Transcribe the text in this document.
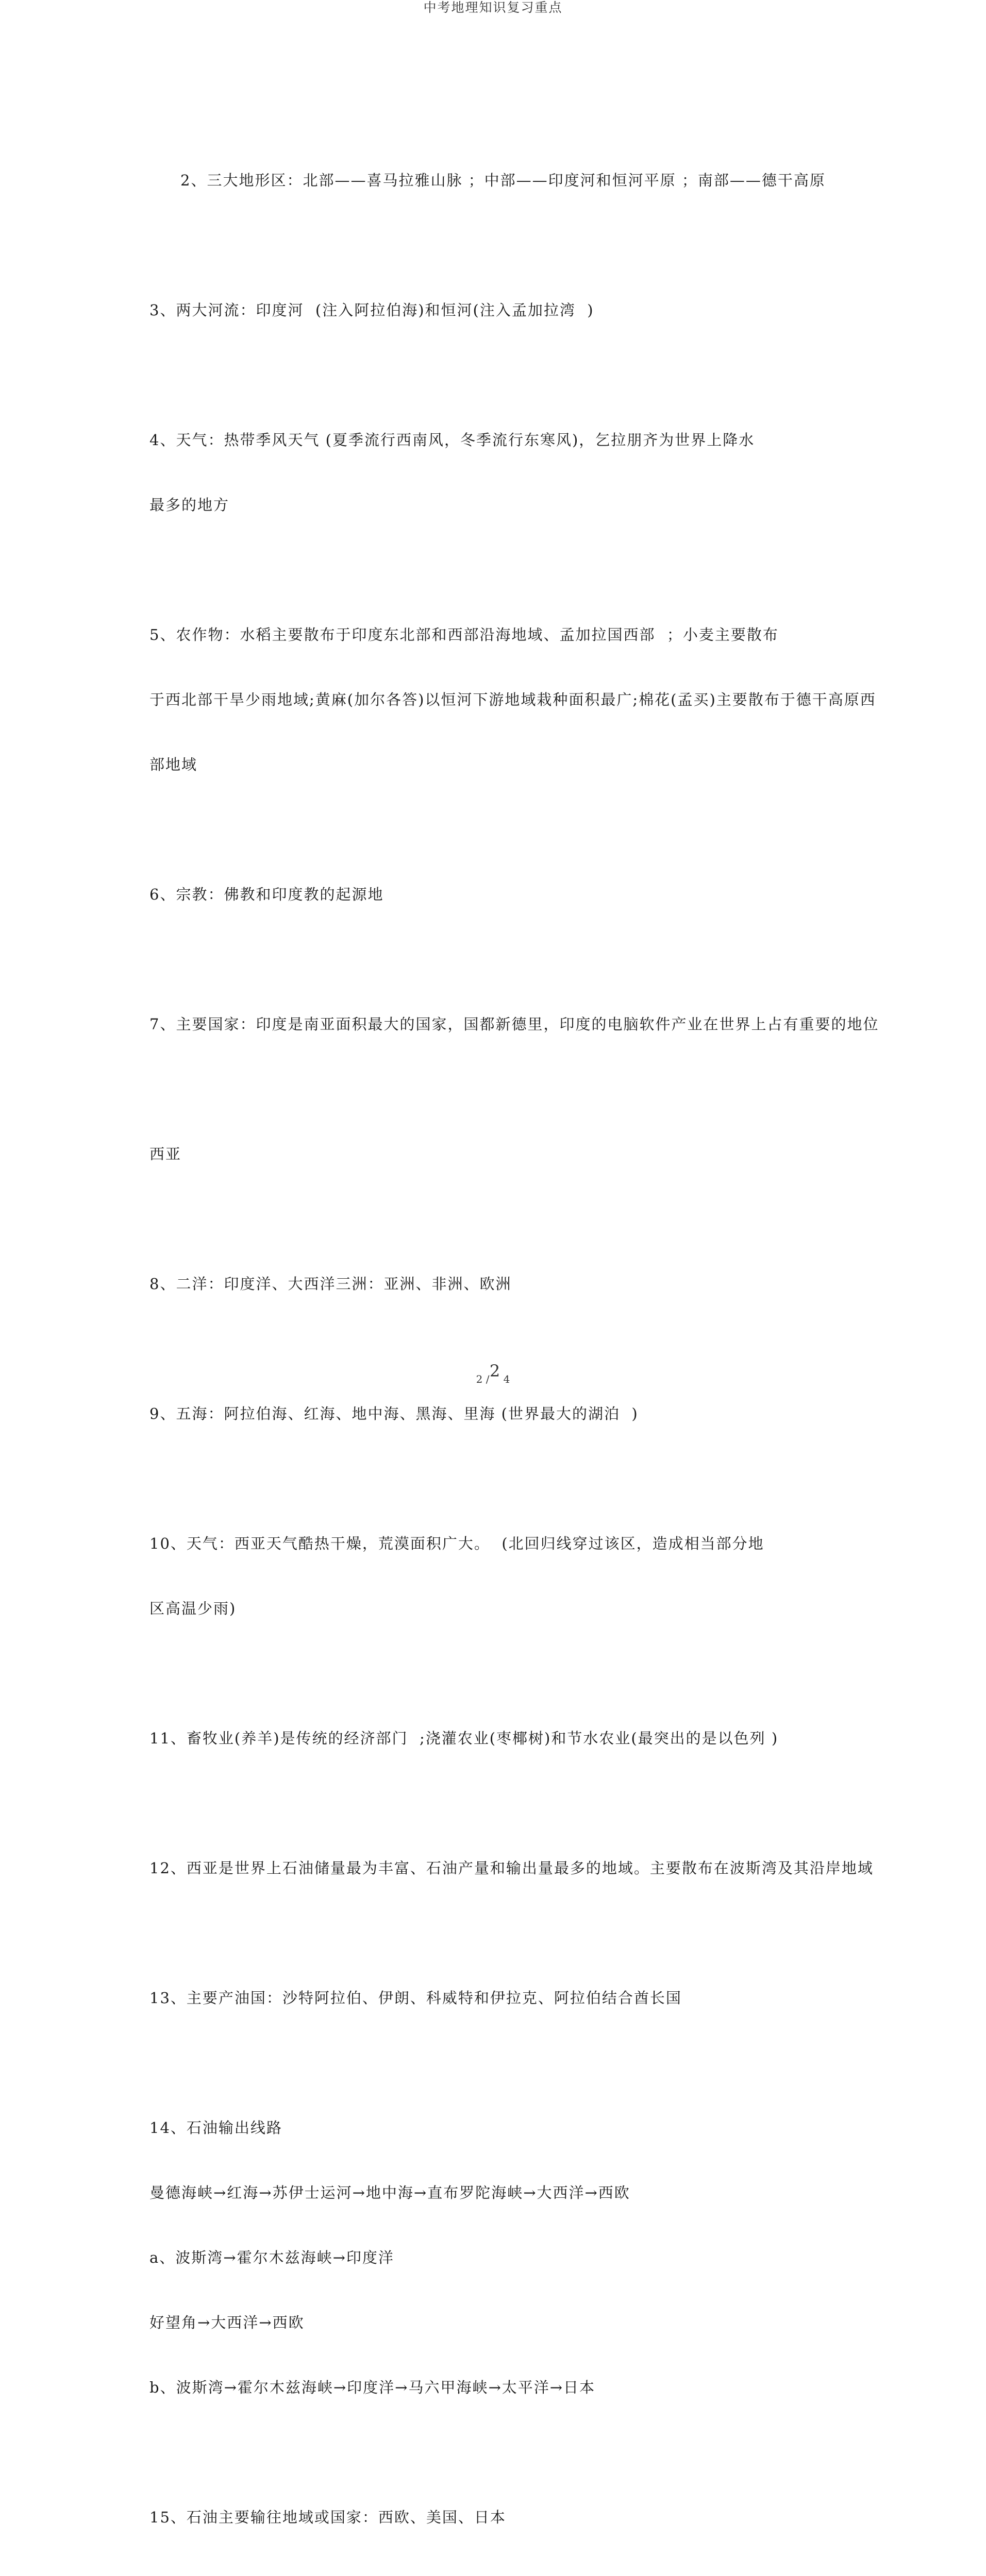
中考地理知识复习重点

2、三大地形区：北部——喜马拉雅山脉 ；中部——印度河和恒河平原 ；南部——德干高原

3、两大河流：印度河  (注入阿拉伯海)和恒河(注入孟加拉湾  )

4、天气：热带季风天气 (夏季流行西南风，冬季流行东寒风)，乞拉朋齐为世界上降水

最多的地方

5、农作物：水稻主要散布于印度东北部和西部沿海地域、孟加拉国西部  ；小麦主要散布

于西北部干旱少雨地域;黄麻(加尔各答)以恒河下游地域栽种面积最广;棉花(孟买)主要散布于德干高原西

部地域

6、宗教：佛教和印度教的起源地

7、主要国家：印度是南亚面积最大的国家，国都新德里，印度的电脑软件产业在世界上占有重要的地位

西亚

8、二洋：印度洋、大西洋三洲：亚洲、非洲、欧洲

9、五海：阿拉伯海、红海、地中海、黑海、里海 (世界最大的湖泊  )

10、天气：西亚天气酷热干燥，荒漠面积广大。  (北回归线穿过该区，造成相当部分地

区高温少雨)

11、畜牧业(养羊)是传统的经济部门  ;浇灌农业(枣椰树)和节水农业(最突出的是以色列 )

12、西亚是世界上石油储量最为丰富、石油产量和输出量最多的地域。主要散布在波斯湾及其沿岸地域

13、主要产油国：沙特阿拉伯、伊朗、科威特和伊拉克、阿拉伯结合酋长国

14、石油输出线路

曼德海峡→红海→苏伊士运河→地中海→直布罗陀海峡→大西洋→西欧

a、波斯湾→霍尔木兹海峡→印度洋

好望角→大西洋→西欧

b、波斯湾→霍尔木兹海峡→印度洋→马六甲海峡→太平洋→日本

15、石油主要输往地域或国家：西欧、美国、日本

2 / 2 4
